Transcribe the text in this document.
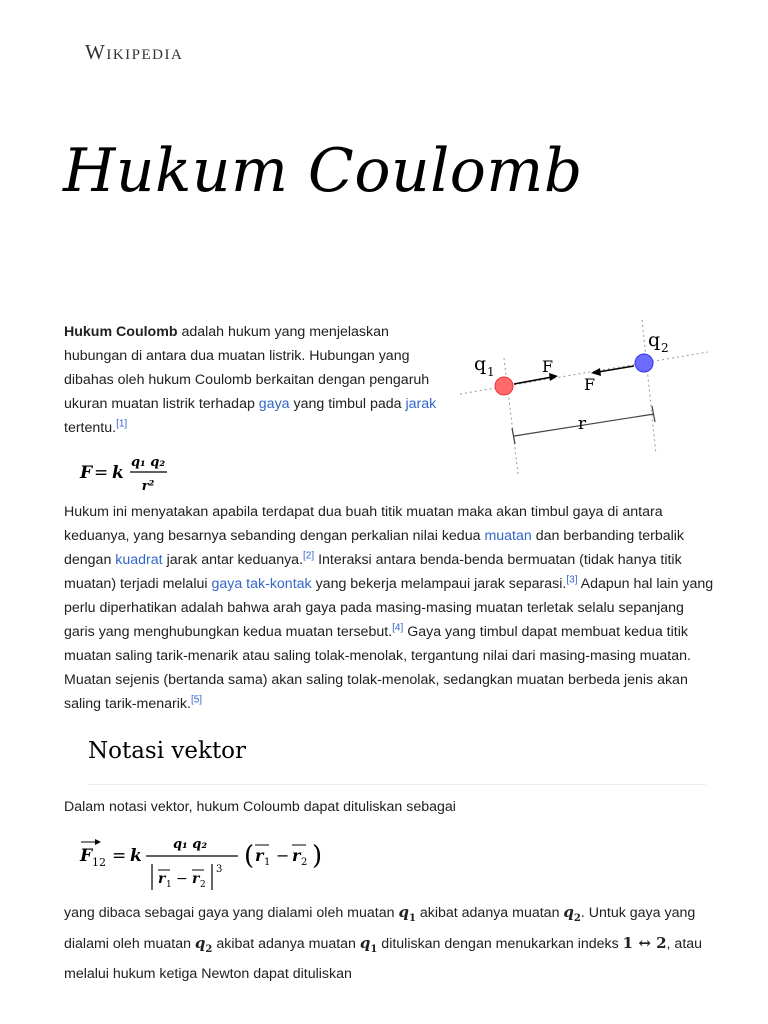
Wikipedia
Hukum Coulomb

Hukum Coulomb adalah hukum yang menjelaskan hubungan di antara dua muatan listrik. Hubungan yang dibahas oleh hukum Coulomb berkaitan dengan pengaruh ukuran muatan listrik terhadap gaya yang timbul pada jarak tertentu.[1]

F = k
q₁ q₂
r²
q 1
q 2
F
F
r

Hukum ini menyatakan apabila terdapat dua buah titik muatan maka akan timbul gaya di antara keduanya, yang besarnya sebanding dengan perkalian nilai kedua muatan dan berbanding terbalik dengan kuadrat jarak antar keduanya.[2] Interaksi antara benda-benda bermuatan (tidak hanya titik muatan) terjadi melalui gaya tak-kontak yang bekerja melampaui jarak separasi.[3] Adapun hal lain yang perlu diperhatikan adalah bahwa arah gaya pada masing-masing muatan terletak selalu sepanjang garis yang menghubungkan kedua muatan tersebut.[4] Gaya yang timbul dapat membuat kedua titik muatan saling tarik-menarik atau saling tolak-menolak, tergantung nilai dari masing-masing muatan. Muatan sejenis (bertanda sama) akan saling tolak-menolak, sedangkan muatan berbeda jenis akan saling tarik-menarik.[5]

Notasi vektor

Dalam notasi vektor, hukum Coloumb dapat dituliskan sebagai

F 12 = k
q₁ q₂
r 1 − r 2
3 ( r 1 − r 2 )

yang dibaca sebagai gaya yang dialami oleh muatan $q_1$ akibat adanya muatan $q_2$. Untuk gaya yang dialami oleh muatan $q_2$ akibat adanya muatan $q_1$ dituliskan dengan menukarkan indeks 1 ↔ 2, atau melalui hukum ketiga Newton dapat dituliskan
